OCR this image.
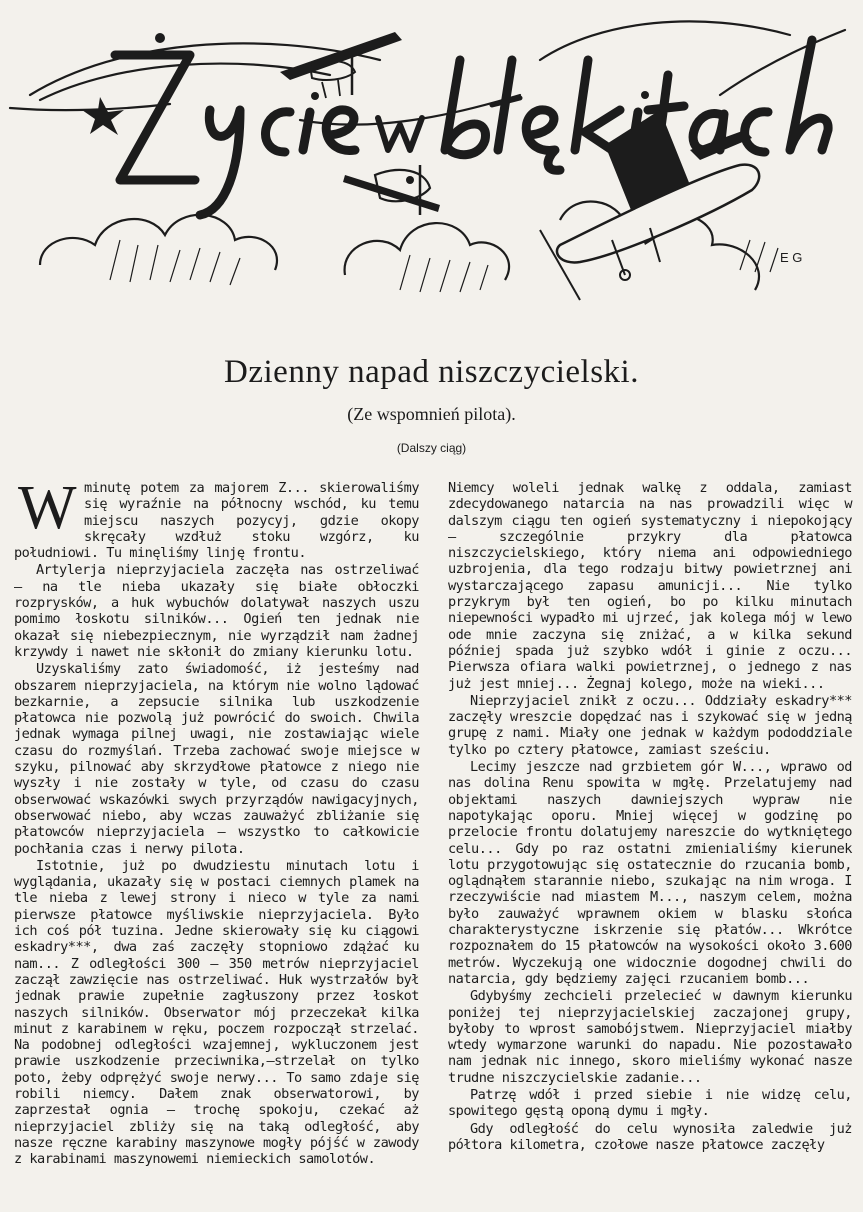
E G
Dzienny napad niszczycielski.

(Ze wspomnień pilota).

(Dalszy ciąg)

W minutę potem za majorem Z... skierowaliśmy się wyraźnie na północny wschód, ku temu miejscu naszych pozycyj, gdzie okopy skręcały wzdłuż stoku wzgórz, ku południowi. Tu minęliśmy linję frontu.

Artylerja nieprzyjaciela zaczęła nas ostrzeliwać — na tle nieba ukazały się białe obłoczki rozprysków, a huk wybuchów dolatywał naszych uszu pomimo łoskotu silników... Ogień ten jednak nie okazał się niebezpiecznym, nie wyrządził nam żadnej krzywdy i nawet nie skłonił do zmiany kierunku lotu.

Uzyskaliśmy zato świadomość, iż jesteśmy nad obszarem nieprzyjaciela, na którym nie wolno lądować bezkarnie, a zepsucie silnika lub uszkodzenie płatowca nie pozwolą już powrócić do swoich. Chwila jednak wymaga pilnej uwagi, nie zostawiając wiele czasu do rozmyślań. Trzeba zachować swoje miejsce w szyku, pilnować aby skrzydłowe płatowce z niego nie wyszły i nie zostały w tyle, od czasu do czasu obserwować wskazówki swych przyrządów nawigacyjnych, obserwować niebo, aby wczas zauważyć zbliżanie się płatowców nieprzyjaciela — wszystko to całkowicie pochłania czas i nerwy pilota.

Istotnie, już po dwudziestu minutach lotu i wyglądania, ukazały się w postaci ciemnych plamek na tle nieba z lewej strony i nieco w tyle za nami pierwsze płatowce myśliwskie nieprzyjaciela. Było ich coś pół tuzina. Jedne skierowały się ku ciągowi eskadry***, dwa zaś zaczęły stopniowo zdążać ku nam... Z odległości 300 — 350 metrów nieprzyjaciel zaczął zawzięcie nas ostrzeliwać. Huk wystrzałów był jednak prawie zupełnie zagłuszony przez łoskot naszych silników. Obserwator mój przeczekał kilka minut z karabinem w ręku, poczem rozpoczął strzelać. Na podobnej odległości wzajemnej, wykluczonem jest prawie uszkodzenie przeciwnika,—strzelał on tylko poto, żeby odprężyć swoje nerwy... To samo zdaje się robili niemcy. Dałem znak obserwatorowi, by zaprzestał ognia — trochę spokoju, czekać aż nieprzyjaciel zbliży się na taką odległość, aby nasze ręczne karabiny maszynowe mogły pójść w zawody z karabinami maszynowemi niemieckich samolotów.

Niemcy woleli jednak walkę z oddala, zamiast zdecydowanego natarcia na nas prowadzili więc w dalszym ciągu ten ogień systematyczny i niepokojący — szczególnie przykry dla płatowca niszczycielskiego, który niema ani odpowiedniego uzbrojenia, dla tego rodzaju bitwy powietrznej ani wystarczającego zapasu amunicji... Nie tylko przykrym był ten ogień, bo po kilku minutach niepewności wypadło mi ujrzeć, jak kolega mój w lewo ode mnie zaczyna się zniżać, a w kilka sekund później spada już szybko wdół i ginie z oczu... Pierwsza ofiara walki powietrznej, o jednego z nas już jest mniej... Żegnaj kolego, może na wieki...

Nieprzyjaciel znikł z oczu... Oddziały eskadry*** zaczęły wreszcie dopędzać nas i szykować się w jedną grupę z nami. Miały one jednak w każdym pododdziale tylko po cztery płatowce, zamiast sześciu.

Lecimy jeszcze nad grzbietem gór W..., wprawo od nas dolina Renu spowita w mgłę. Przelatujemy nad objektami naszych dawniejszych wypraw nie napotykając oporu. Mniej więcej w godzinę po przelocie frontu dolatujemy nareszcie do wytkniętego celu... Gdy po raz ostatni zmienialiśmy kierunek lotu przygotowując się ostatecznie do rzucania bomb, oglądnąłem starannie niebo, szukając na nim wroga. I rzeczywiście nad miastem M..., naszym celem, można było zauważyć wprawnem okiem w blasku słońca charakterystyczne iskrzenie się płatów... Wkrótce rozpoznałem do 15 płatowców na wysokości około 3.600 metrów. Wyczekują one widocznie dogodnej chwili do natarcia, gdy będziemy zajęci rzucaniem bomb...

Gdybyśmy zechcieli przelecieć w dawnym kierunku poniżej tej nieprzyjacielskiej zaczajonej grupy, byłoby to wprost samobójstwem. Nieprzyjaciel miałby wtedy wymarzone warunki do napadu. Nie pozostawało nam jednak nic innego, skoro mieliśmy wykonać nasze trudne niszczycielskie zadanie...

Patrzę wdół i przed siebie i nie widzę celu, spowitego gęstą oponą dymu i mgły.

Gdy odległość do celu wynosiła zaledwie już półtora kilometra, czołowe nasze płatowce zaczęły
